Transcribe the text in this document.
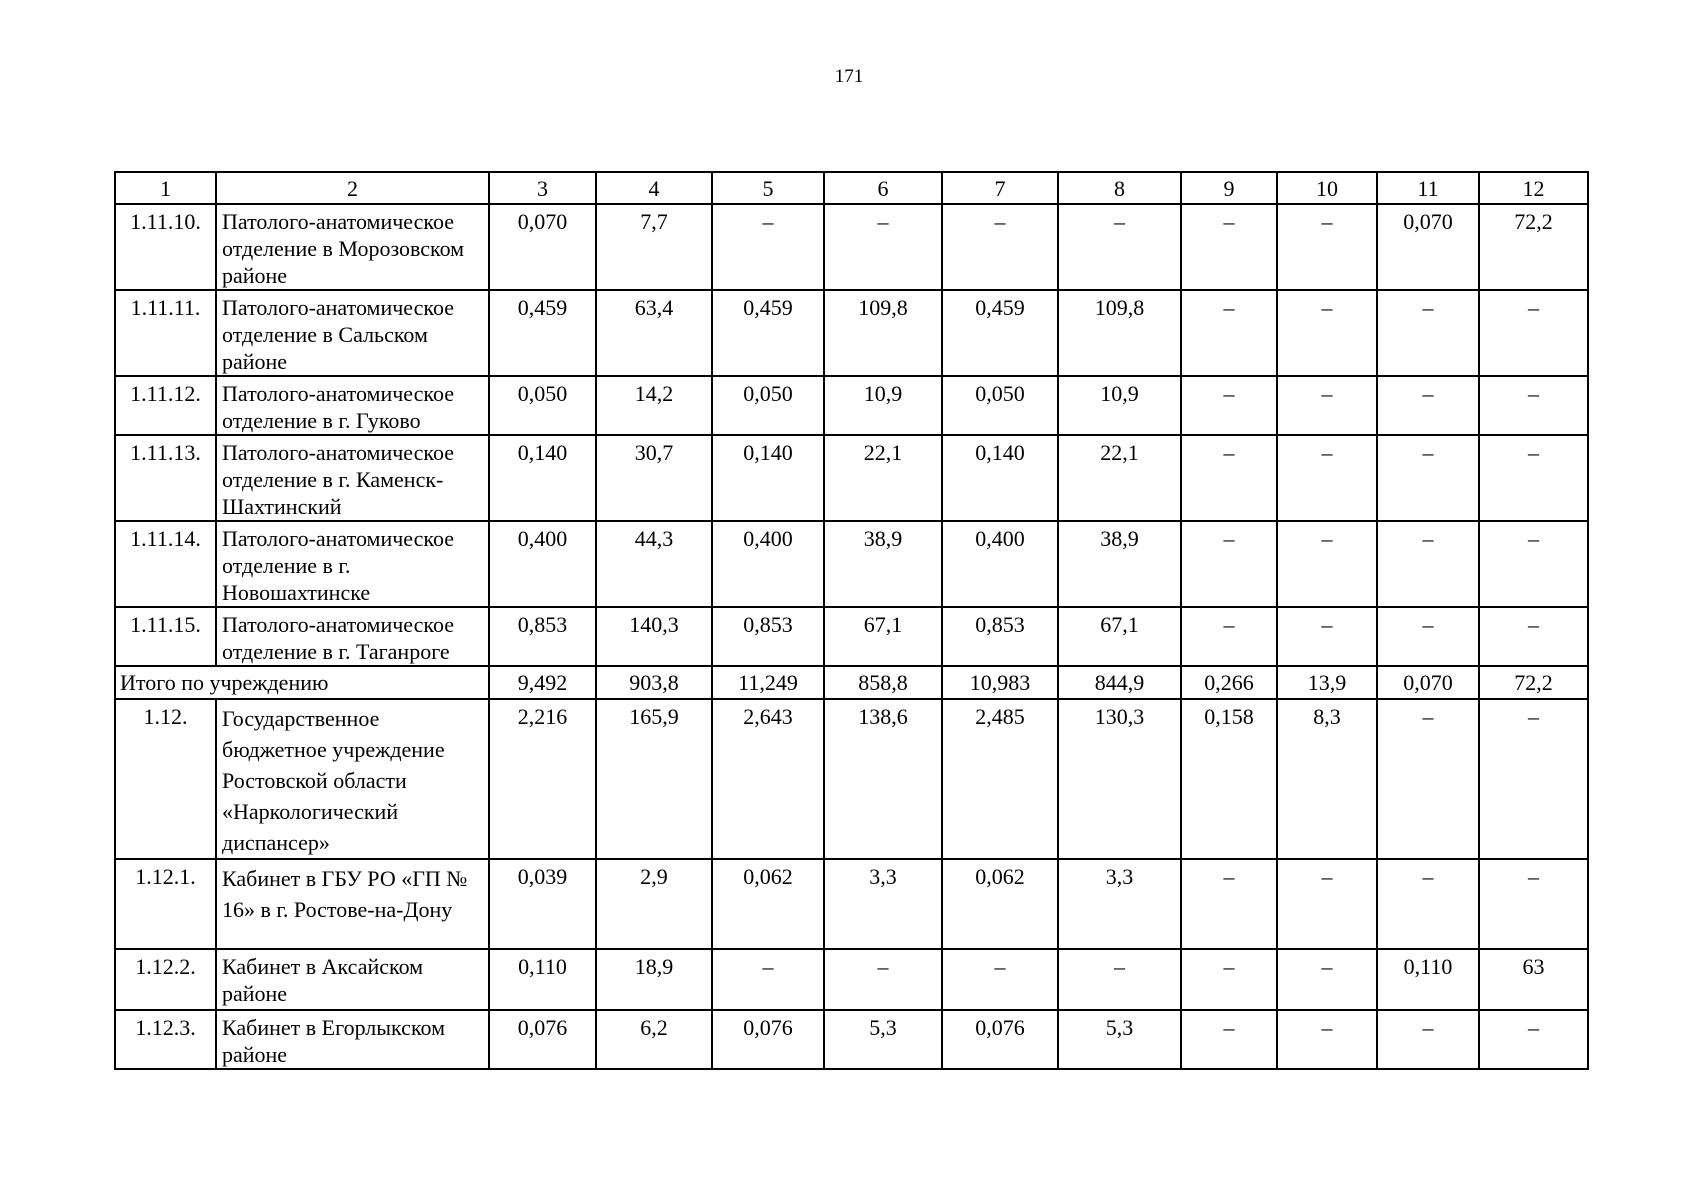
171
1	2	3	4	5	6	7	8	9	10	11	12
1.11.10.	Патолого-анатомическое отделение в Морозовском районе	0,070	7,7	–	–	–	–	–	–	0,070	72,2
1.11.11.	Патолого-анатомическое отделение в Сальском районе	0,459	63,4	0,459	109,8	0,459	109,8	–	–	–	–
1.11.12.	Патолого-анатомическое отделение в г. Гуково	0,050	14,2	0,050	10,9	0,050	10,9	–	–	–	–
1.11.13.	Патолого-анатомическое отделение в г. Каменск-Шахтинский	0,140	30,7	0,140	22,1	0,140	22,1	–	–	–	–
1.11.14.	Патолого-анатомическое отделение в г. Новошахтинске	0,400	44,3	0,400	38,9	0,400	38,9	–	–	–	–
1.11.15.	Патолого-анатомическое отделение в г. Таганроге	0,853	140,3	0,853	67,1	0,853	67,1	–	–	–	–
Итого по учреждению		9,492	903,8	11,249	858,8	10,983	844,9	0,266	13,9	0,070	72,2
1.12.	Государственное бюджетное учреждение Ростовской области «Наркологический диспансер»	2,216	165,9	2,643	138,6	2,485	130,3	0,158	8,3	–	–
1.12.1.	Кабинет в ГБУ РО «ГП № 16» в г. Ростове-на-Дону	0,039	2,9	0,062	3,3	0,062	3,3	–	–	–	–
1.12.2.	Кабинет в Аксайском районе	0,110	18,9	–	–	–	–	–	–	0,110	63
1.12.3.	Кабинет в Егорлыкском районе	0,076	6,2	0,076	5,3	0,076	5,3	–	–	–	–
